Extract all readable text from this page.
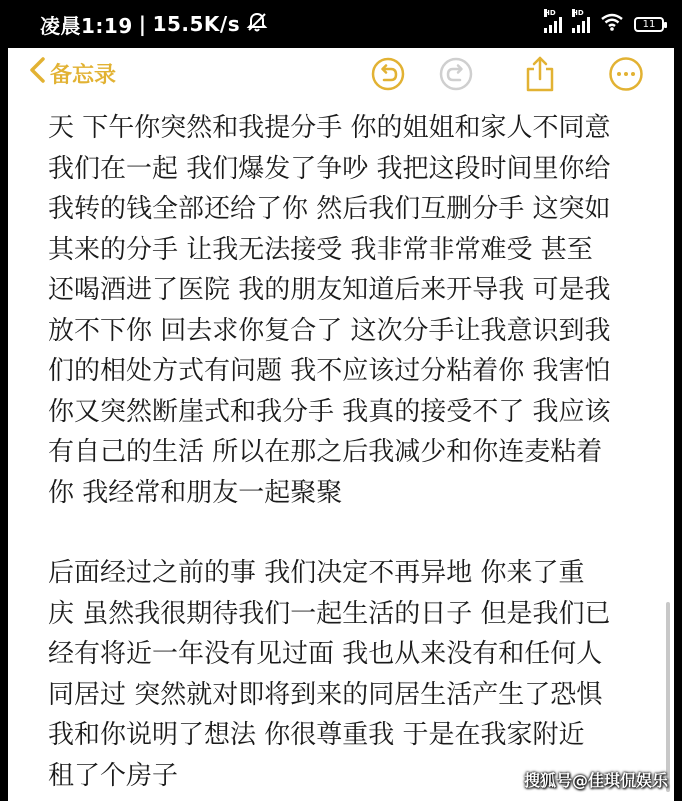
凌晨1:19 | 15.5K/s	HD HD
11
备忘录

天 下午你突然和我提分手 你的姐姐和家人不同意

我们在一起 我们爆发了争吵 我把这段时间里你给

我转的钱全部还给了你 然后我们互删分手 这突如

其来的分手 让我无法接受 我非常非常难受 甚至

还喝酒进了医院 我的朋友知道后来开导我 可是我

放不下你 回去求你复合了 这次分手让我意识到我

们的相处方式有问题 我不应该过分粘着你 我害怕

你又突然断崖式和我分手 我真的接受不了 我应该

有自己的生活 所以在那之后我减少和你连麦粘着

你 我经常和朋友一起聚聚

后面经过之前的事 我们决定不再异地 你来了重

庆 虽然我很期待我们一起生活的日子 但是我们已

经有将近一年没有见过面 我也从来没有和任何人

同居过 突然就对即将到来的同居生活产生了恐惧

我和你说明了想法 你很尊重我 于是在我家附近

租了个房子	搜狐号@佳琪侃娱乐
